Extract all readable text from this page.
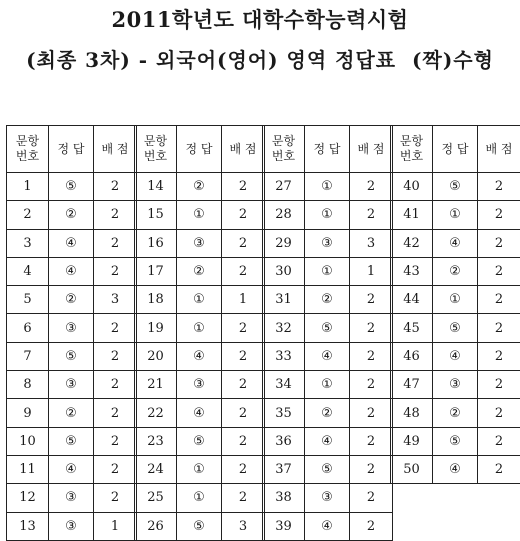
2011학년도 대학수학능력시험
(최종 3차) - 외국어(영어) 영역 정답표  (짝)수형
문항
번호	정 답	배 점
1	⑤	2
2	②	2
3	④	2
4	④	2
5	②	3
6	③	2
7	⑤	2
8	③	2
9	②	2
10	⑤	2
11	④	2
12	③	2
13	③	1
문항
번호	정 답	배 점
14	②	2
15	①	2
16	③	2
17	②	2
18	①	1
19	①	2
20	④	2
21	③	2
22	④	2
23	⑤	2
24	①	2
25	①	2
26	⑤	3
문항
번호	정 답	배 점
27	①	2
28	①	2
29	③	3
30	①	1
31	②	2
32	⑤	2
33	④	2
34	①	2
35	②	2
36	④	2
37	⑤	2
38	③	2
39	④	2
문항
번호	정 답	배 점
40	⑤	2
41	①	2
42	④	2
43	②	2
44	①	2
45	⑤	2
46	④	2
47	③	2
48	②	2
49	⑤	2
50	④	2
